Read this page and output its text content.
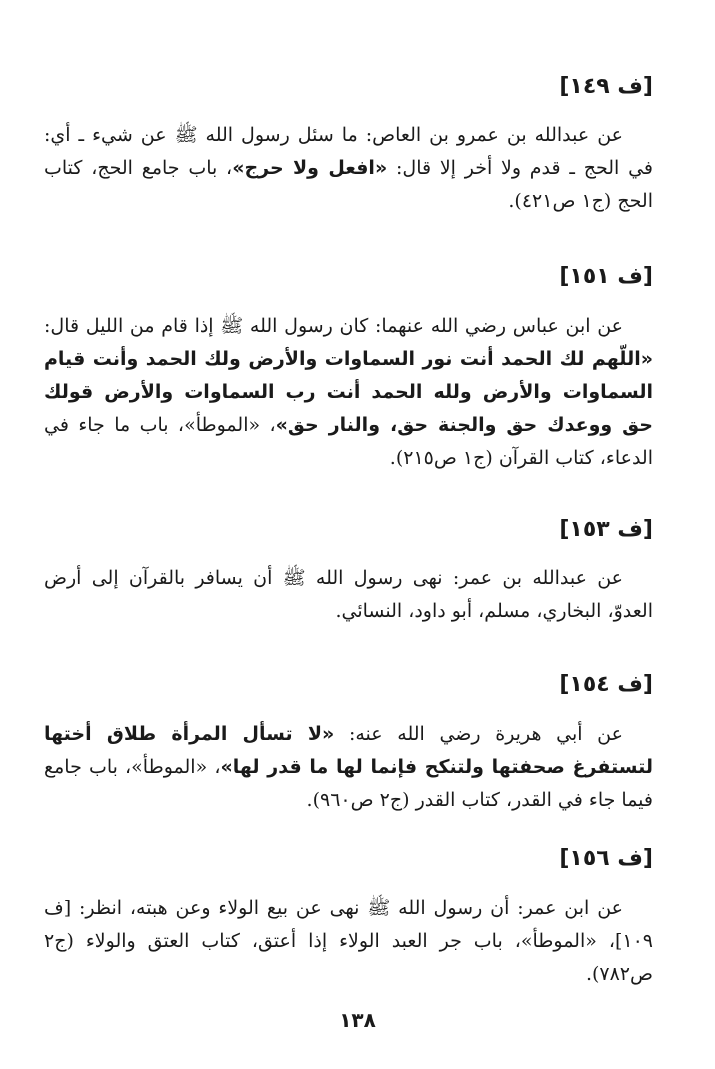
[ف ١٤٩]

عن عبدالله بن عمرو بن العاص: ما سئل رسول الله ﷺ عن شيء ـ أي: في الحج ـ قدم ولا أخر إلا قال: «افعل ولا حرج»، باب جامع الحج، كتاب الحج (ج١ ص٤٢١).

[ف ١٥١]

عن ابن عباس رضي الله عنهما: كان رسول الله ﷺ إذا قام من الليل قال: «اللّهم لك الحمد أنت نور السماوات والأرض ولك الحمد وأنت قيام السماوات والأرض ولله الحمد أنت رب السماوات والأرض قولك حق ووعدك حق والجنة حق، والنار حق»، «الموطأ»، باب ما جاء في الدعاء، كتاب القرآن (ج١ ص٢١٥).

[ف ١٥٣]

عن عبدالله بن عمر: نهى رسول الله ﷺ أن يسافر بالقرآن إلى أرض العدوّ، البخاري، مسلم، أبو داود، النسائي.

[ف ١٥٤]

عن أبي هريرة رضي الله عنه: «لا تسأل المرأة طلاق أختها لتستفرغ صحفتها ولتنكح فإنما لها ما قدر لها»، «الموطأ»، باب جامع فيما جاء في القدر، كتاب القدر (ج٢ ص٩٦٠).

[ف ١٥٦]

عن ابن عمر: أن رسول الله ﷺ نهى عن بيع الولاء وعن هبته، انظر: [ف ١٠٩]، «الموطأ»، باب جر العبد الولاء إذا أعتق، كتاب العتق والولاء (ج٢ ص٧٨٢).

١٣٨
